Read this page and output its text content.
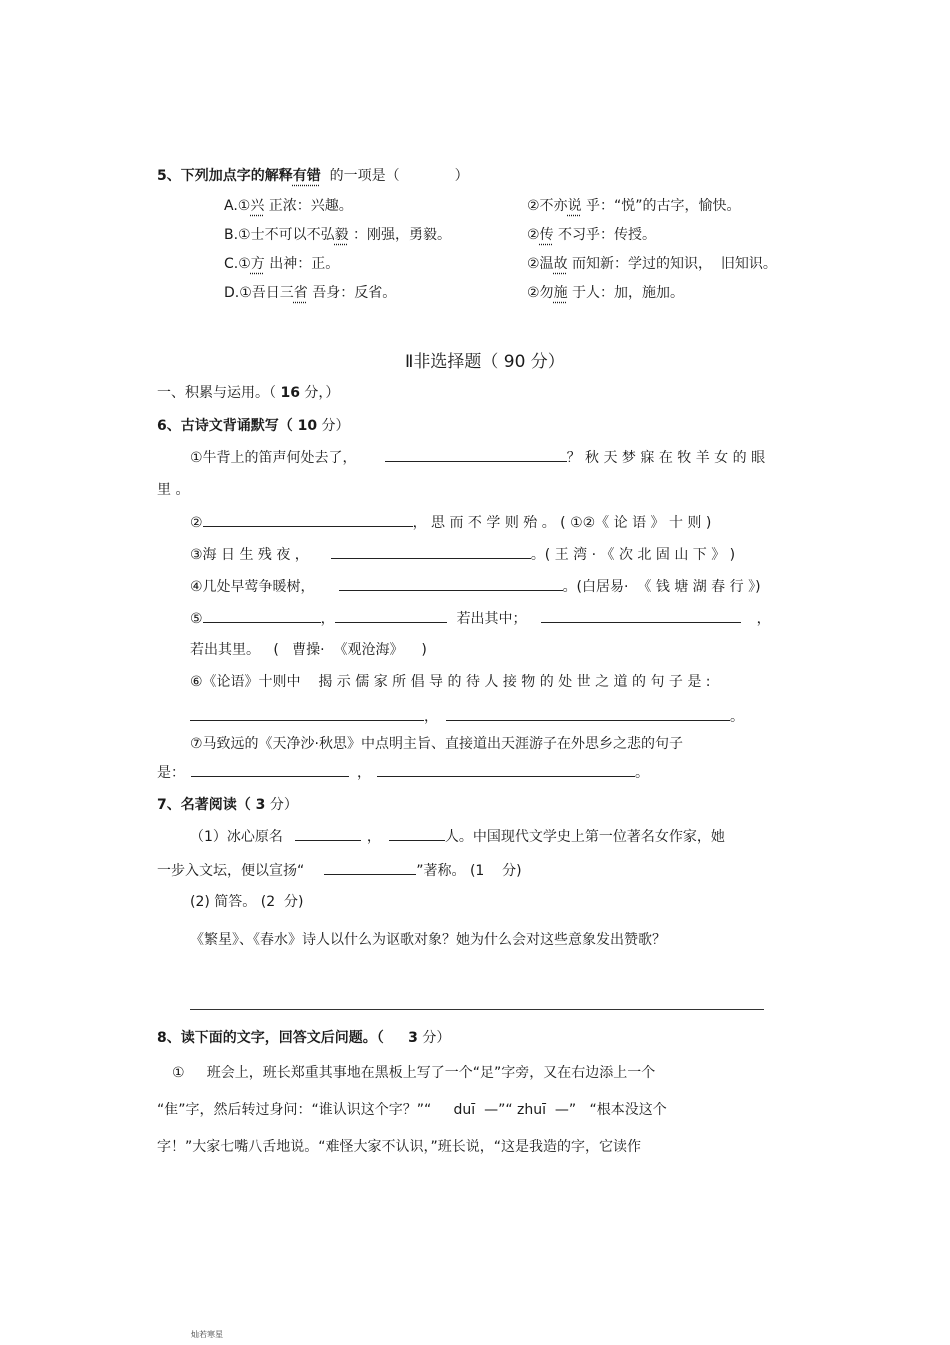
5、下列加点字的解释有错  的一项是（	）
A.①兴 正浓：兴趣。	②不亦说 乎：“悦”的古字，愉快。
B.①士不可以不弘毅 ：刚强，勇毅。	②传 不习乎：传授。
C.①方 出神：正。	②温故 而知新：学过的知识，  旧知识。
D.①吾日三省 吾身：反省。	②勿施 于人：加，施加。
Ⅱ非选择题（ 90 分）
一、积累与运用。（ 16 分，）
6、古诗文背诵默写（ 10 分）
①牛背上的笛声何处去了，	？ 秋 天 梦 寐 在 牧 羊 女 的 眼
里 。
②	， 思 而 不 学 则 殆 。 ( ①②《 论 语 》 十 则 )
③海 日 生 残 夜 ，	。( 王 湾 · 《 次 北 固 山 下 》 )
④几处早莺争暖树，	。(白居易·  《 钱 塘 湖 春 行 》)
⑤	，	若出其中；	，
若出其里。   (   曹操·  《观沧海》    )
⑥《论语》十则中    揭 示 儒 家 所 倡 导 的 待 人 接 物 的 处 世 之 道 的 句 子 是 :
，	。
⑦马致远的《天净沙·秋思》中点明主旨、直接道出天涯游子在外思乡之悲的句子
是：	，	。
7、名著阅读（ 3 分）
（1）冰心原名	，	人。中国现代文学史上第一位著名女作家，她
一步入文坛，便以宣扬“	”著称。 (1    分)
(2) 简答。 (2  分)
《繁星》、《春水》诗人以什么为讴歌对象？她为什么会对这些意象发出赞歌？
8、读下面的文字，回答文后问题。（     3 分）
①     班会上，班长郑重其事地在黑板上写了一个“足”字旁，又在右边添上一个
“隹”字，然后转过身问：“谁认识这个字？”“     duī  —”“ zhuī  —”   “根本没这个
字！”大家七嘴八舌地说。“难怪大家不认识，”班长说，“这是我造的字，它读作
灿若寒星
